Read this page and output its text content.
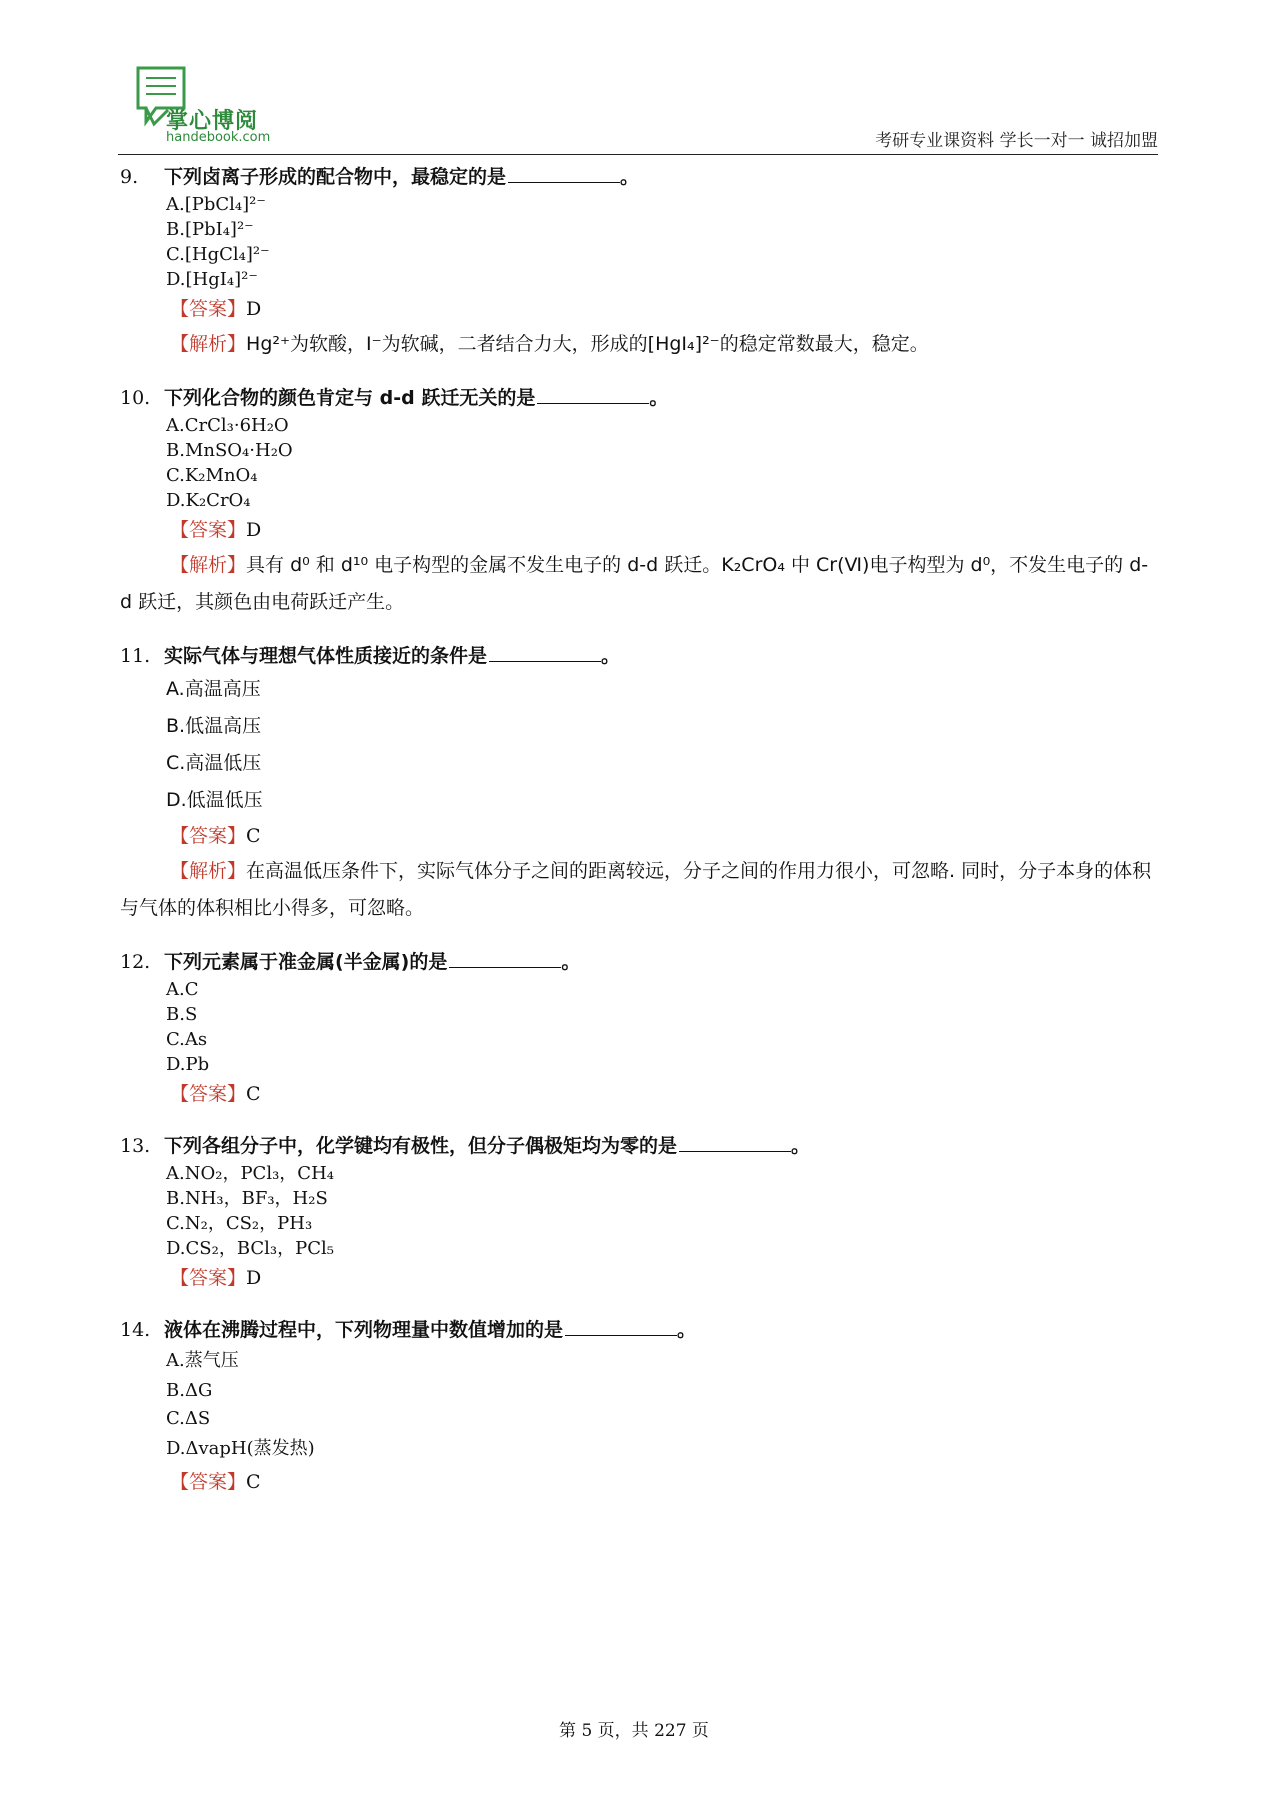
掌心博阅
handebook.com	考研专业课资料 学长一对一 诚招加盟
9. 下列卤离子形成的配合物中，最稳定的是	。
A.[PbCl₄]²⁻
B.[PbI₄]²⁻
C.[HgCl₄]²⁻
D.[HgI₄]²⁻
【答案】D
【解析】Hg²⁺为软酸，I⁻为软碱，二者结合力大，形成的[HgI₄]²⁻的稳定常数最大，稳定。
10. 下列化合物的颜色肯定与 d-d 跃迁无关的是	。
A.CrCl₃·6H₂O
B.MnSO₄·H₂O
C.K₂MnO₄
D.K₂CrO₄
【答案】D
【解析】具有 d⁰ 和 d¹⁰ 电子构型的金属不发生电子的 d-d 跃迁。K₂CrO₄ 中 Cr(Ⅵ)电子构型为 d⁰，不发生电子的 d-d 跃迁，其颜色由电荷跃迁产生。
11. 实际气体与理想气体性质接近的条件是	。
A.高温高压
B.低温高压
C.高温低压
D.低温低压
【答案】C
【解析】在高温低压条件下，实际气体分子之间的距离较远，分子之间的作用力很小，可忽略. 同时，分子本身的体积与气体的体积相比小得多，可忽略。
12. 下列元素属于准金属(半金属)的是	。
A.C
B.S
C.As
D.Pb
【答案】C
13. 下列各组分子中，化学键均有极性，但分子偶极矩均为零的是	。
A.NO₂，PCl₃，CH₄
B.NH₃，BF₃，H₂S
C.N₂，CS₂，PH₃
D.CS₂，BCl₃，PCl₅
【答案】D
14. 液体在沸腾过程中，下列物理量中数值增加的是	。
A.蒸气压
B.ΔG
C.ΔS
D.ΔvapH(蒸发热)
【答案】C
第 5 页，共 227 页
